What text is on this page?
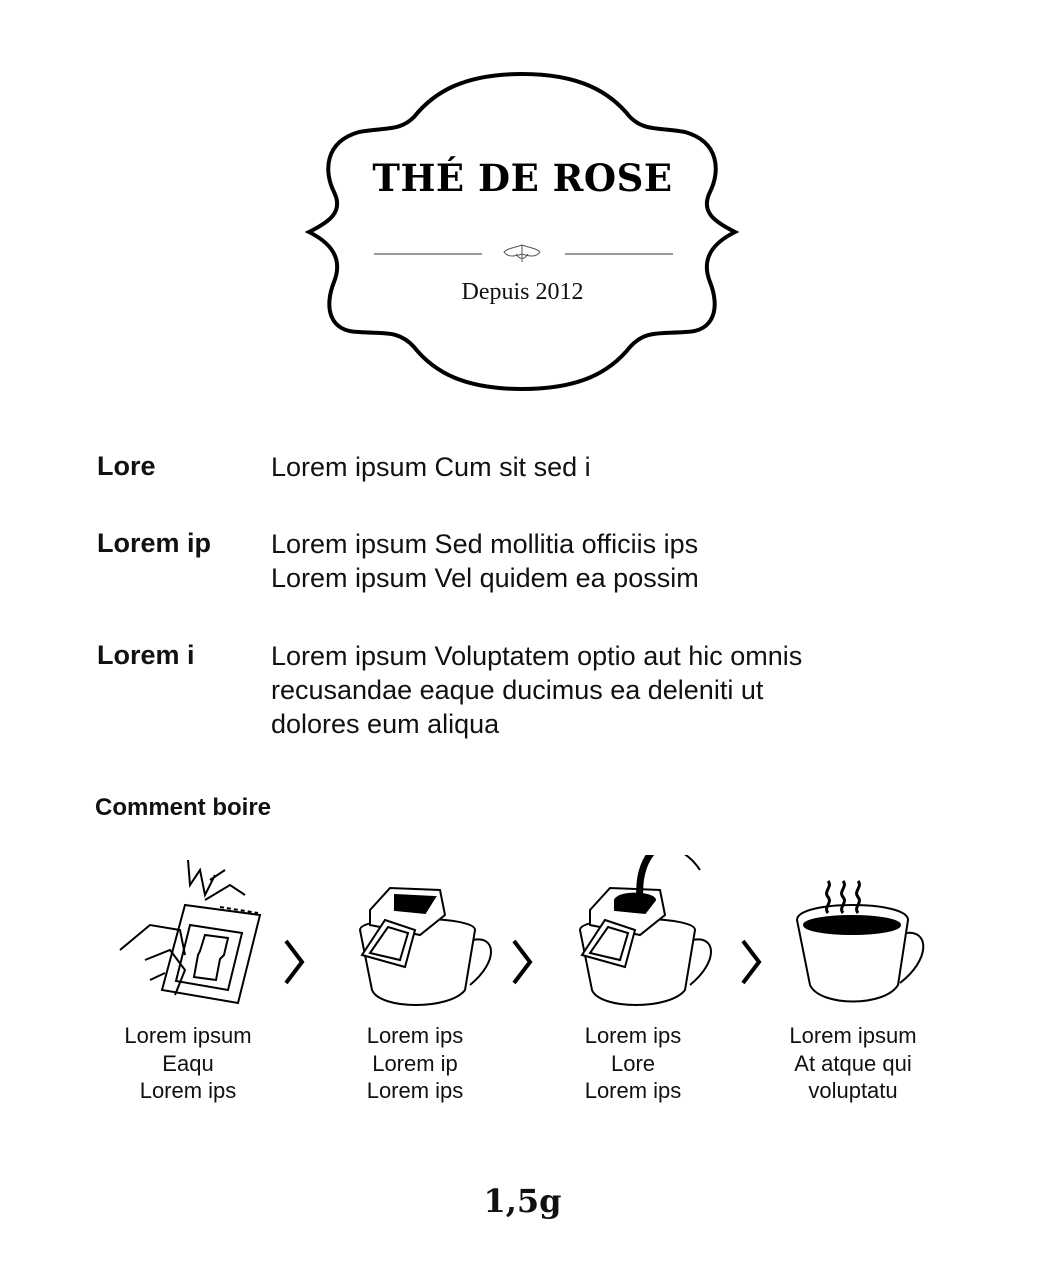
THÉ DE ROSE
Depuis 2012
Lore	Lorem ipsum Cum sit sed i
Lorem ip Lorem ipsum Sed mollitia officiis ips
Lorem ipsum Vel quidem ea possim
Lorem i	Lorem ipsum Voluptatem optio aut hic omnis
recusandae eaque ducimus ea deleniti ut
dolores eum aliqua
Comment boire
Lorem ipsum
Eaqu
Lorem ips
Lorem ips
Lorem ip
Lorem ips
Lorem ips
Lore
Lorem ips
Lorem ipsum
At atque qui
voluptatu
1,5g
